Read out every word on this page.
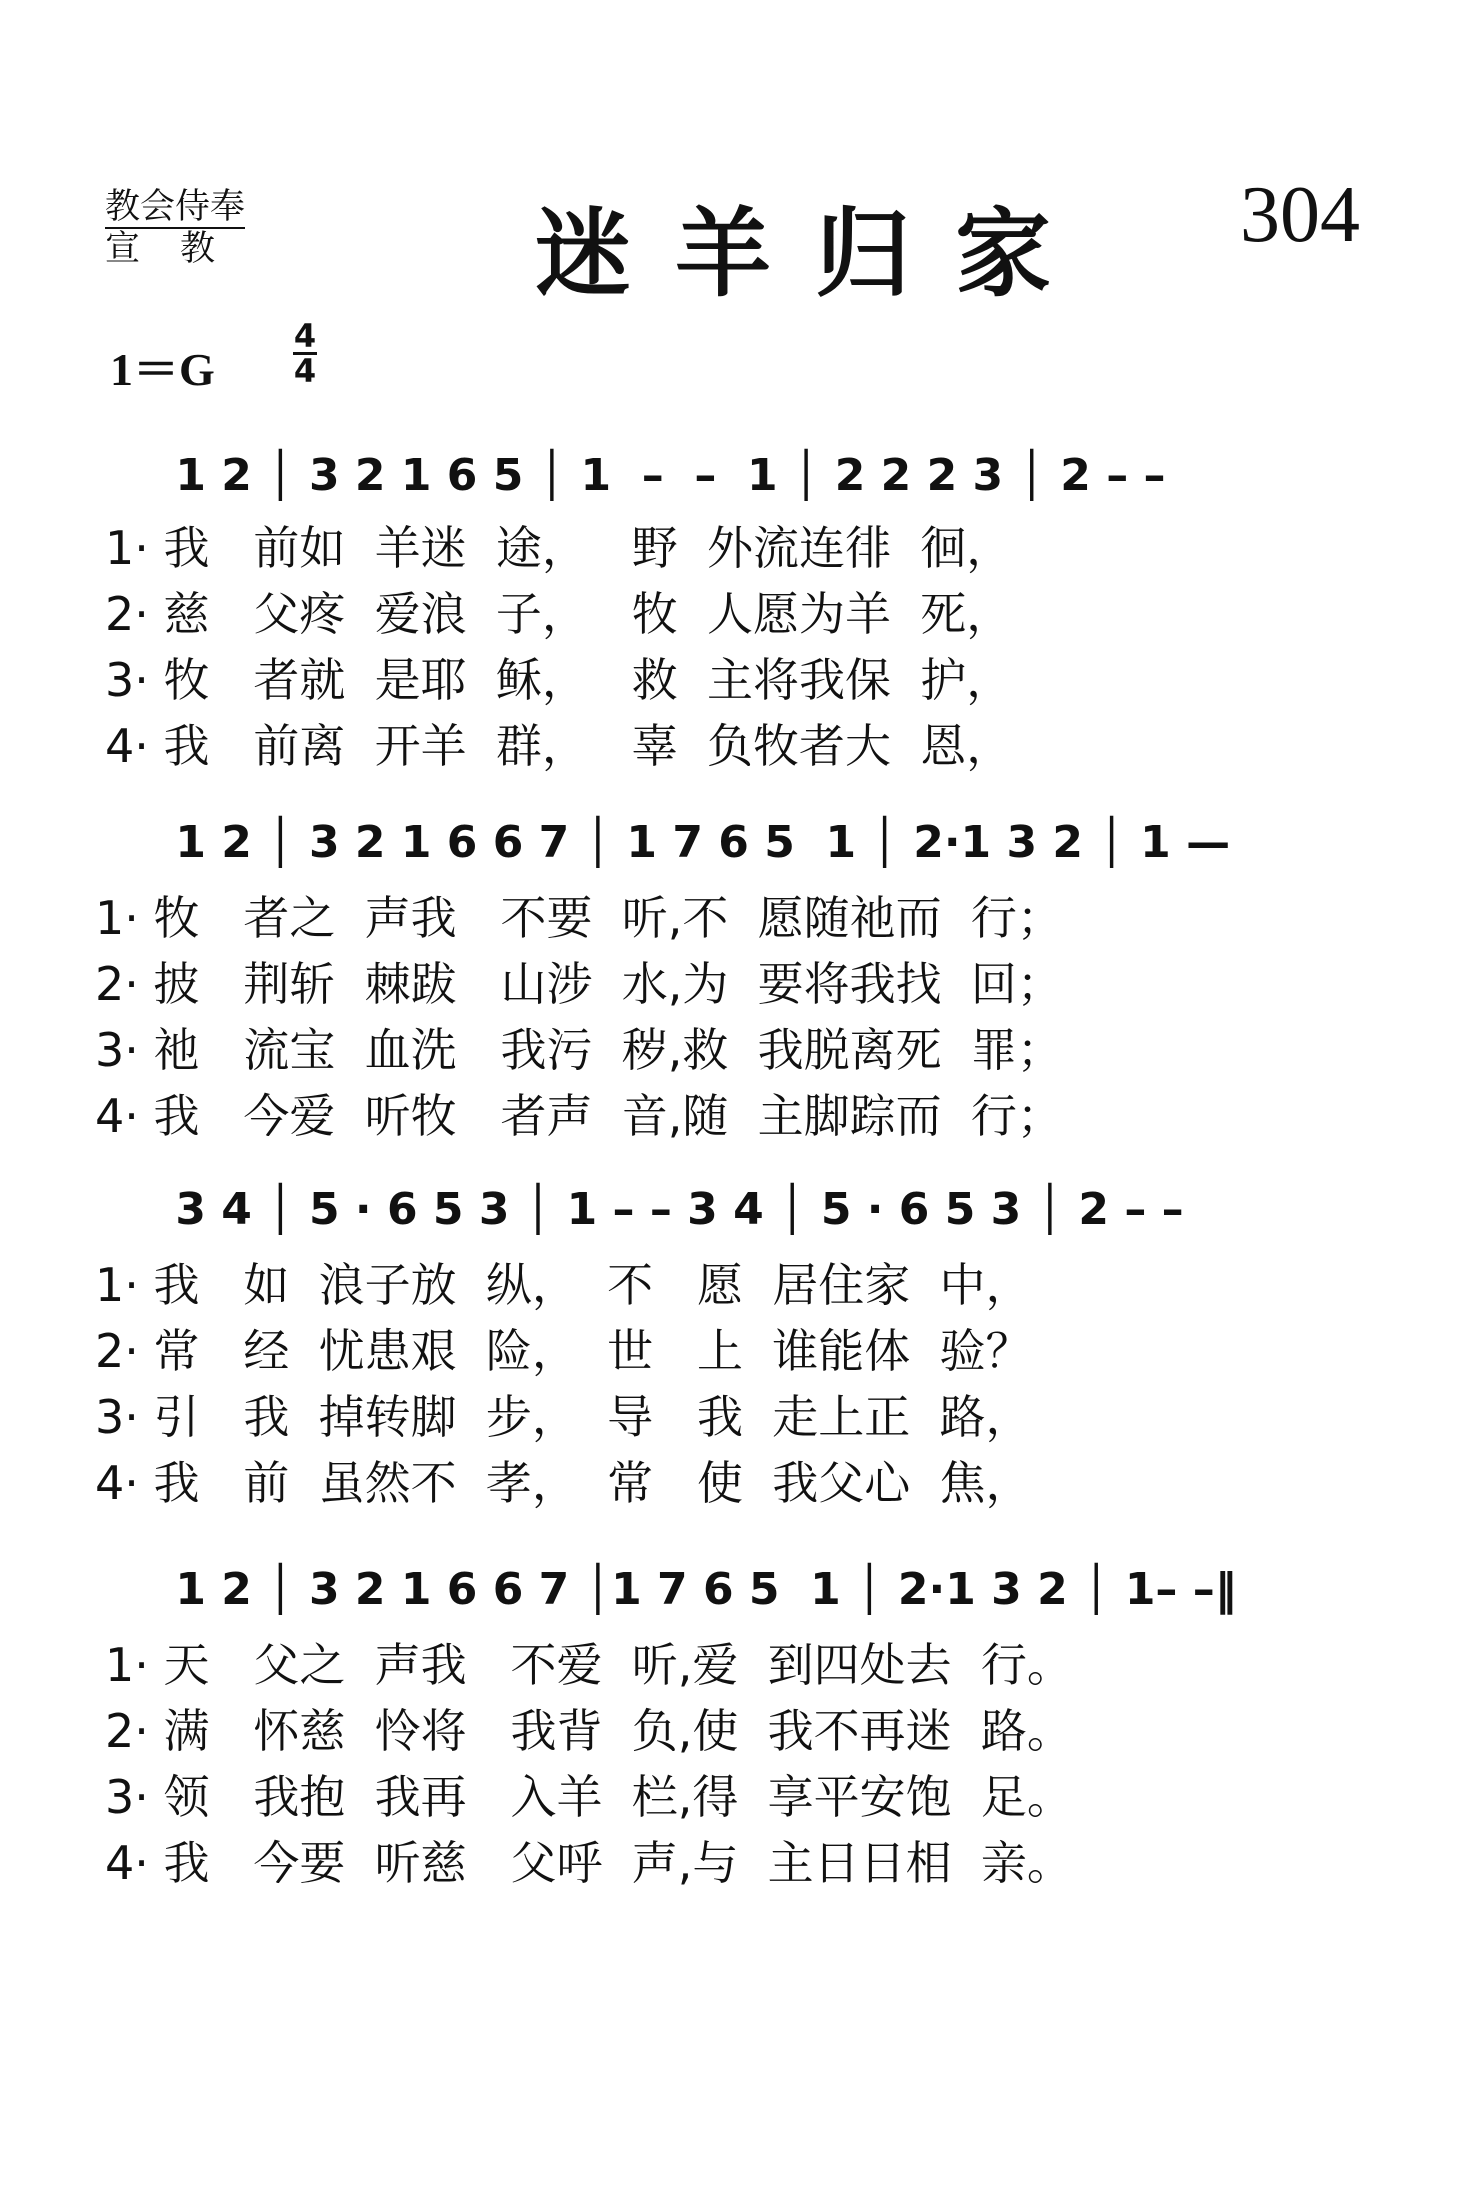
教会侍奉
宣教	迷羊归家 304
1＝G
4
4
1 2 │ 3 2 1 6 5 │ 1  –  –  1 │ 2 2 2 3 │ 2 – –
1· 我   前如  羊迷  途，   野  外流连徘  徊，
2· 慈   父疼  爱浪  子，   牧  人愿为羊  死，
3· 牧   者就  是耶  稣，   救  主将我保  护，
4· 我   前离  开羊  群，   辜  负牧者大  恩，
1 2 │ 3 2 1 6 6 7 │ 1 7 6 5  1 │ 2·1 3 2 │ 1 —
1· 牧   者之  声我   不要  听,不  愿随祂而  行；
2· 披   荆斩  棘跋   山涉  水,为  要将我找  回；
3· 祂   流宝  血洗   我污  秽,救  我脱离死  罪；
4· 我   今爱  听牧   者声  音,随  主脚踪而  行；
3 4 │ 5 · 6 5 3 │ 1 – – 3 4 │ 5 · 6 5 3 │ 2 – –
1· 我   如  浪子放  纵，  不   愿  居住家  中，
2· 常   经  忧患艰  险，  世   上  谁能体  验？
3· 引   我  掉转脚  步，  导   我  走上正  路，
4· 我   前  虽然不  孝，  常   使  我父心  焦，
1 2 │ 3 2 1 6 6 7 │1 7 6 5  1 │ 2·1 3 2 │ 1– –‖
1· 天   父之  声我   不爱  听,爱  到四处去  行。
2· 满   怀慈  怜将   我背  负,使  我不再迷  路。
3· 领   我抱  我再   入羊  栏,得  享平安饱  足。
4· 我   今要  听慈   父呼  声,与  主日日相  亲。
